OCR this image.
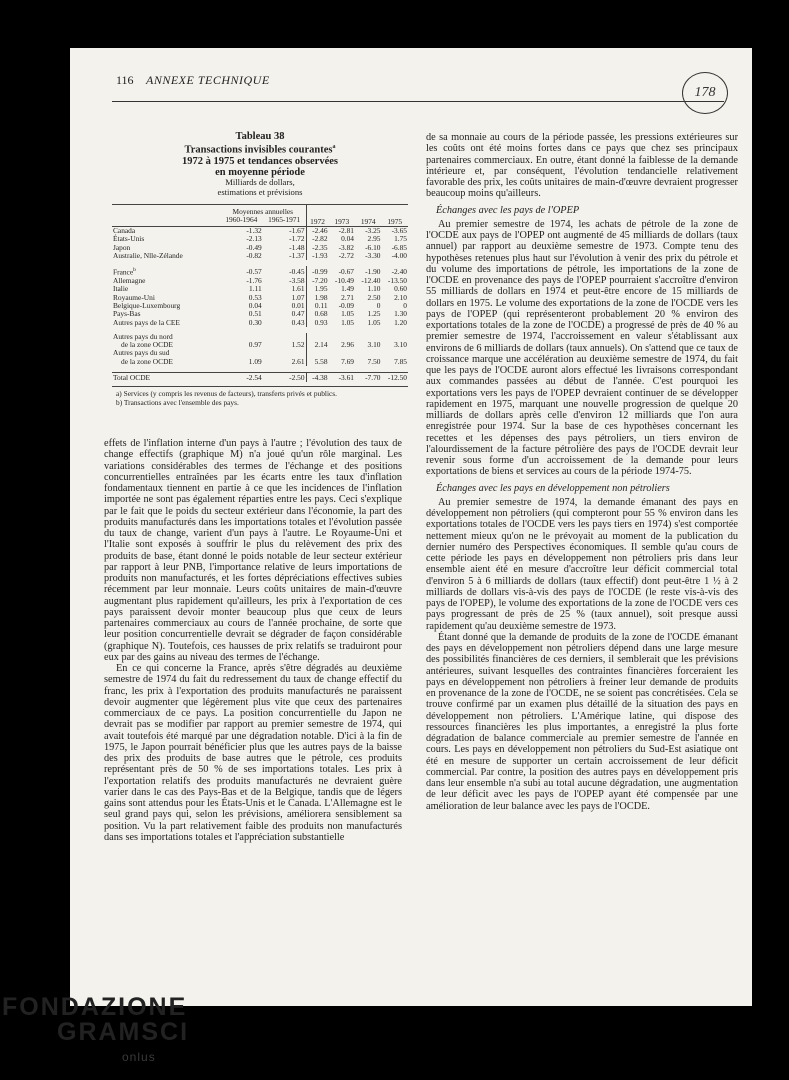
116 ANNEXE TECHNIQUE
178
Tableau 38
Transactions invisibles courantes$^a$
1972 à 1975 et tendances observées
en moyenne période
Milliards de dollars,
estimations et prévisions
	Moyennes annuelles		1972	1973	1974	1975
	1960-1964	1965-1971				
Canada	-1.32	-1.67	-2.46	-2.81	-3.25	-3.65
États-Unis	-2.13	-1.72	-2.82	0.04	2.95	1.75
Japon	-0.49	-1.48	-2.35	-3.82	-6.10	-6.85
Australie, Nlle-Zélande	-0.82	-1.37	-1.93	-2.72	-3.30	-4.00

France$^b$	-0.57	-0.45	-0.99	-0.67	-1.90	-2.40
Allemagne	-1.76	-3.58	-7.20	-10.49	-12.40	-13.50
Italie	1.11	1.61	1.95	1.49	1.10	0.60
Royaume-Uni	0.53	1.07	1.98	2.71	2.50	2.10
Belgique-Luxembourg	0.04	0.01	0.11	-0.09	0	0
Pays-Bas	0.51	0.47	0.68	1.05	1.25	1.30
Autres pays de la CEE	0.30	0.43	0.93	1.05	1.05	1.20

Autres pays du nord
de la zone OCDE	0.97	1.52	2.14	2.96	3.10	3.10
Autres pays du sud
de la zone OCDE	1.09	2.61	5.58	7.69	7.50	7.85

Total OCDE	-2.54	-2.50	-4.38	-3.61	-7.70	-12.50
a) Services (y compris les revenus de facteurs), transferts privés et publics.
b) Transactions avec l'ensemble des pays.

effets de l'inflation interne d'un pays à l'autre ; l'évolution des taux de change effectifs (graphique M) n'a joué qu'un rôle marginal. Les variations considérables des termes de l'échange et des positions concurrentielles entraînées par les écarts entre les taux d'inflation fondamentaux tiennent en partie à ce que les incidences de l'inflation importée ne sont pas également réparties entre les pays. Ceci s'explique par le fait que le poids du secteur extérieur dans l'économie, la part des produits manufacturés dans les importations totales et l'évolution passée du taux de change, varient d'un pays à l'autre. Le Royaume-Uni et l'Italie sont exposés à souffrir le plus du relèvement des prix des produits de base, étant donné le poids notable de leur secteur extérieur par rapport à leur PNB, l'importance relative de leurs importations de produits non manufacturés, et les fortes dépréciations effectives subies récemment par leur monnaie. Leurs coûts unitaires de main-d'œuvre augmentant plus rapidement qu'ailleurs, les prix à l'exportation de ces pays paraissent devoir monter beaucoup plus que ceux de leurs partenaires commerciaux au cours de l'année prochaine, de sorte que leur position concurrentielle devrait se dégrader de façon considérable (graphique N). Toutefois, ces hausses de prix relatifs se traduiront pour eux par des gains au niveau des termes de l'échange.

En ce qui concerne la France, après s'être dégradés au deuxième semestre de 1974 du fait du redressement du taux de change effectif du franc, les prix à l'exportation des produits manufacturés ne paraissent devoir augmenter que légèrement plus vite que ceux des partenaires commerciaux de ce pays. La position concurrentielle du Japon ne devrait pas se modifier par rapport au premier semestre de 1974, qui avait toutefois été marqué par une dégradation notable. D'ici à la fin de 1975, le Japon pourrait bénéficier plus que les autres pays de la baisse des prix des produits de base autres que le pétrole, ces produits représentant près de 50 % de ses importations totales. Les prix à l'exportation relatifs des produits manufacturés ne devraient guère varier dans le cas des Pays-Bas et de la Belgique, tandis que de légers gains sont attendus pour les États-Unis et le Canada. L'Allemagne est le seul grand pays qui, selon les prévisions, améliorera sensiblement sa position. Vu la part relativement faible des produits non manufacturés dans ses importations totales et l'appréciation substantielle

de sa monnaie au cours de la période passée, les pressions extérieures sur les coûts ont été moins fortes dans ce pays que chez ses principaux partenaires commerciaux. En outre, étant donné la faiblesse de la demande intérieure et, par conséquent, l'évolution tendancielle relativement favorable des prix, les coûts unitaires de main-d'œuvre devraient progresser beaucoup moins qu'ailleurs.

Échanges avec les pays de l'OPEP

Au premier semestre de 1974, les achats de pétrole de la zone de l'OCDE aux pays de l'OPEP ont augmenté de 45 milliards de dollars (taux annuel) par rapport au deuxième semestre de 1973. Compte tenu des hypothèses retenues plus haut sur l'évolution à venir des prix du pétrole et du volume des importations de pétrole, les importations de la zone de l'OCDE en provenance des pays de l'OPEP pourraient s'accroître d'environ 55 milliards de dollars en 1974 et peut-être encore de 15 milliards de dollars en 1975. Le volume des exportations de la zone de l'OCDE vers les pays de l'OPEP (qui représenteront probablement 20 % environ des exportations totales de la zone de l'OCDE) a progressé de près de 40 % au premier semestre de 1974, l'accroissement en valeur s'établissant aux environs de 6 milliards de dollars (taux annuels). On s'attend que ce taux de croissance marque une accélération au deuxième semestre de 1974, du fait que les pays de l'OCDE auront alors effectué les livraisons correspondant aux commandes passées au début de l'année. C'est pourquoi les exportations vers les pays de l'OPEP devraient continuer de se développer rapidement en 1975, marquant une nouvelle progression de quelque 20 milliards de dollars après celle d'environ 12 milliards que l'on aura enregistrée pour 1974. Sur la base de ces hypothèses concernant les recettes et les dépenses des pays pétroliers, un tiers environ de l'alourdissement de la facture pétrolière des pays de l'OCDE devrait leur revenir sous forme d'un accroissement de la demande pour leurs exportations de biens et services au cours de la période 1974-75.

Échanges avec les pays en développement non pétroliers

Au premier semestre de 1974, la demande émanant des pays en développement non pétroliers (qui compteront pour 55 % environ dans les exportations totales de l'OCDE vers les pays tiers en 1974) s'est comportée nettement mieux qu'on ne le prévoyait au moment de la publication du dernier numéro des Perspectives économiques. Il semble qu'au cours de cette période les pays en développement non pétroliers pris dans leur ensemble aient été en mesure d'accroître leur déficit commercial total d'environ 5 à 6 milliards de dollars (taux effectif) dont peut-être 1 ½ à 2 milliards de dollars vis-à-vis des pays de l'OCDE (le reste vis-à-vis des pays de l'OPEP), le volume des exportations de la zone de l'OCDE vers ces pays progressant de près de 25 % (taux annuel), soit presque aussi rapidement qu'au deuxième semestre de 1973.

Étant donné que la demande de produits de la zone de l'OCDE émanant des pays en développement non pétroliers dépend dans une large mesure des possibilités financières de ces derniers, il semblerait que les prévisions antérieures, suivant lesquelles des contraintes financières forceraient les pays en développement non pétroliers à freiner leur demande de produits en provenance de la zone de l'OCDE, ne se soient pas concrétisées. Cela se trouve confirmé par un examen plus détaillé de la situation des pays en développement non pétroliers. L'Amérique latine, qui dispose des ressources financières les plus importantes, a enregistré la plus forte dégradation de balance commerciale au premier semestre de l'année en cours. Les pays en développement non pétroliers du Sud-Est asiatique ont été en mesure de supporter un certain accroissement de leur déficit commercial. Par contre, la position des autres pays en développement pris dans leur ensemble n'a subi au total aucune dégradation, une augmentation de leur déficit avec les pays de l'OPEP ayant été compensée par une amélioration de leur balance avec les pays de l'OCDE.

FONDAZIONE
GRAMSCI
onlus
